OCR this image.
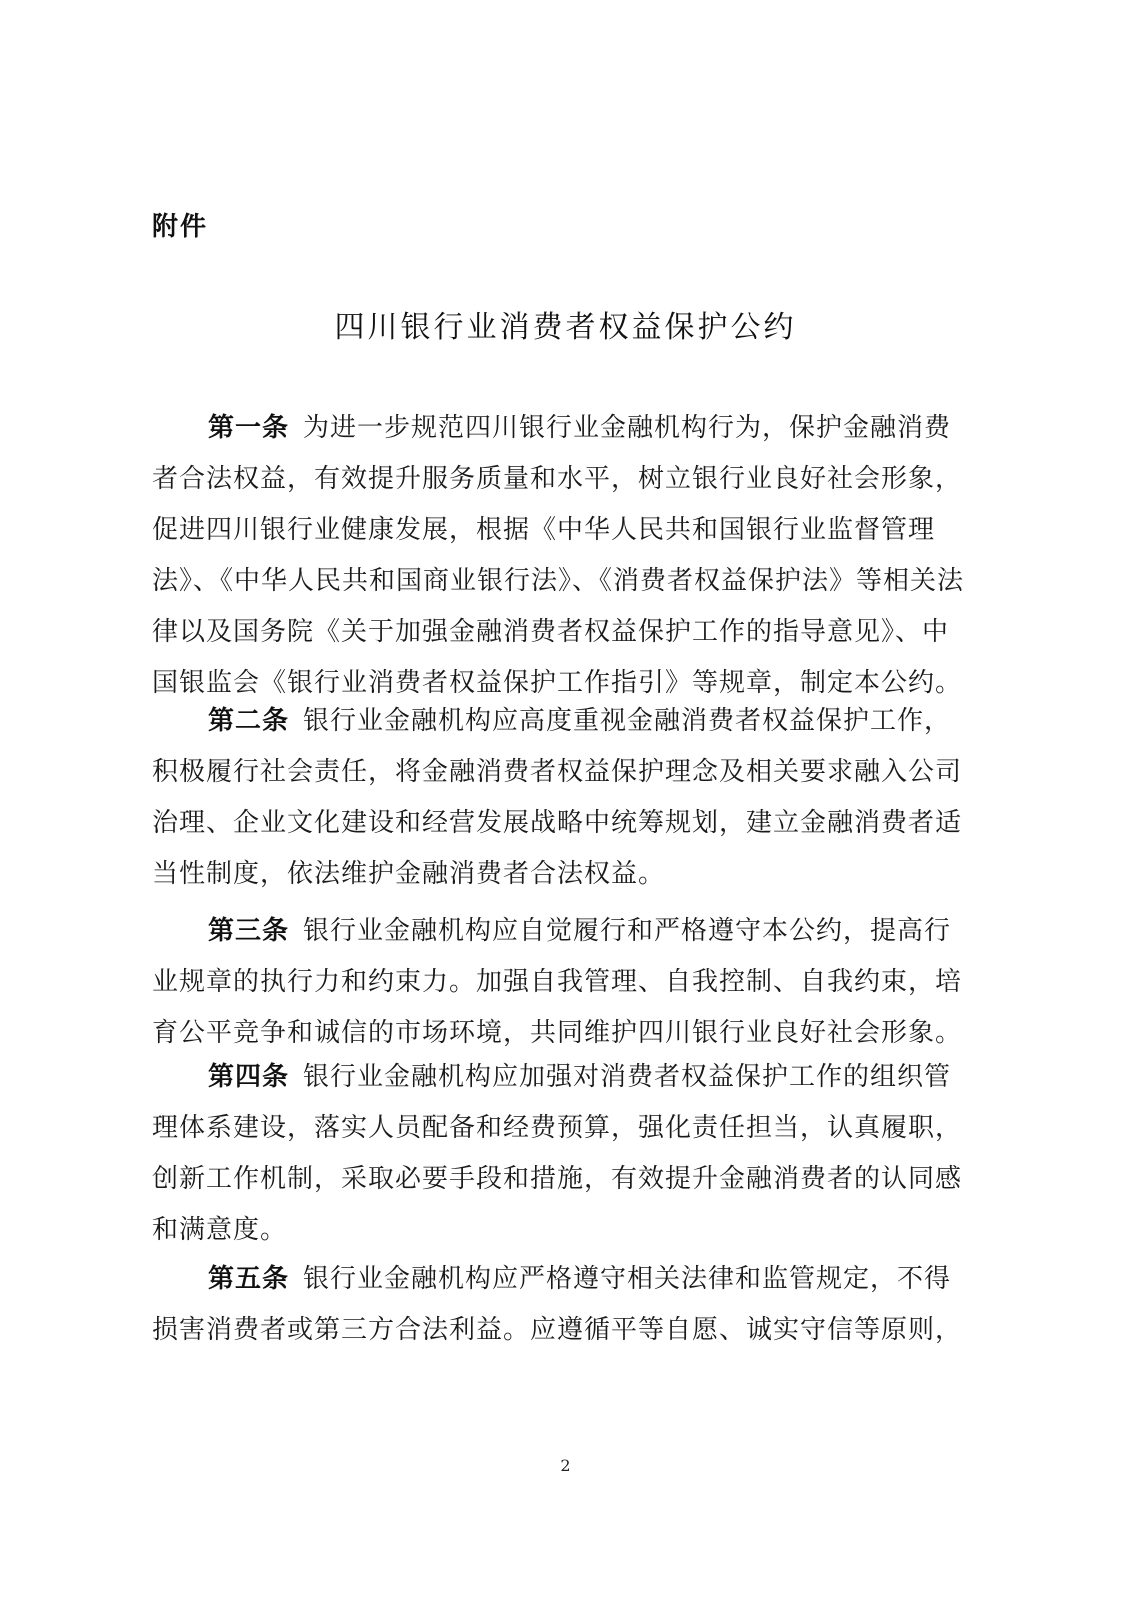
附件

四川银行业消费者权益保护公约
第一条  为进一步规范四川银行业金融机构行为，保护金融消费
者合法权益，有效提升服务质量和水平，树立银行业良好社会形象，
促进四川银行业健康发展，根据《中华人民共和国银行业监督管理
法》、《中华人民共和国商业银行法》、《消费者权益保护法》等相关法
律以及国务院《关于加强金融消费者权益保护工作的指导意见》、中
国银监会《银行业消费者权益保护工作指引》等规章，制定本公约。
第二条  银行业金融机构应高度重视金融消费者权益保护工作，
积极履行社会责任，将金融消费者权益保护理念及相关要求融入公司
治理、企业文化建设和经营发展战略中统筹规划，建立金融消费者适
当性制度，依法维护金融消费者合法权益。
第三条  银行业金融机构应自觉履行和严格遵守本公约，提高行
业规章的执行力和约束力。加强自我管理、自我控制、自我约束，培
育公平竞争和诚信的市场环境，共同维护四川银行业良好社会形象。
第四条  银行业金融机构应加强对消费者权益保护工作的组织管
理体系建设，落实人员配备和经费预算，强化责任担当，认真履职，
创新工作机制，采取必要手段和措施，有效提升金融消费者的认同感
和满意度。
第五条  银行业金融机构应严格遵守相关法律和监管规定，不得
损害消费者或第三方合法利益。应遵循平等自愿、诚实守信等原则，
2
